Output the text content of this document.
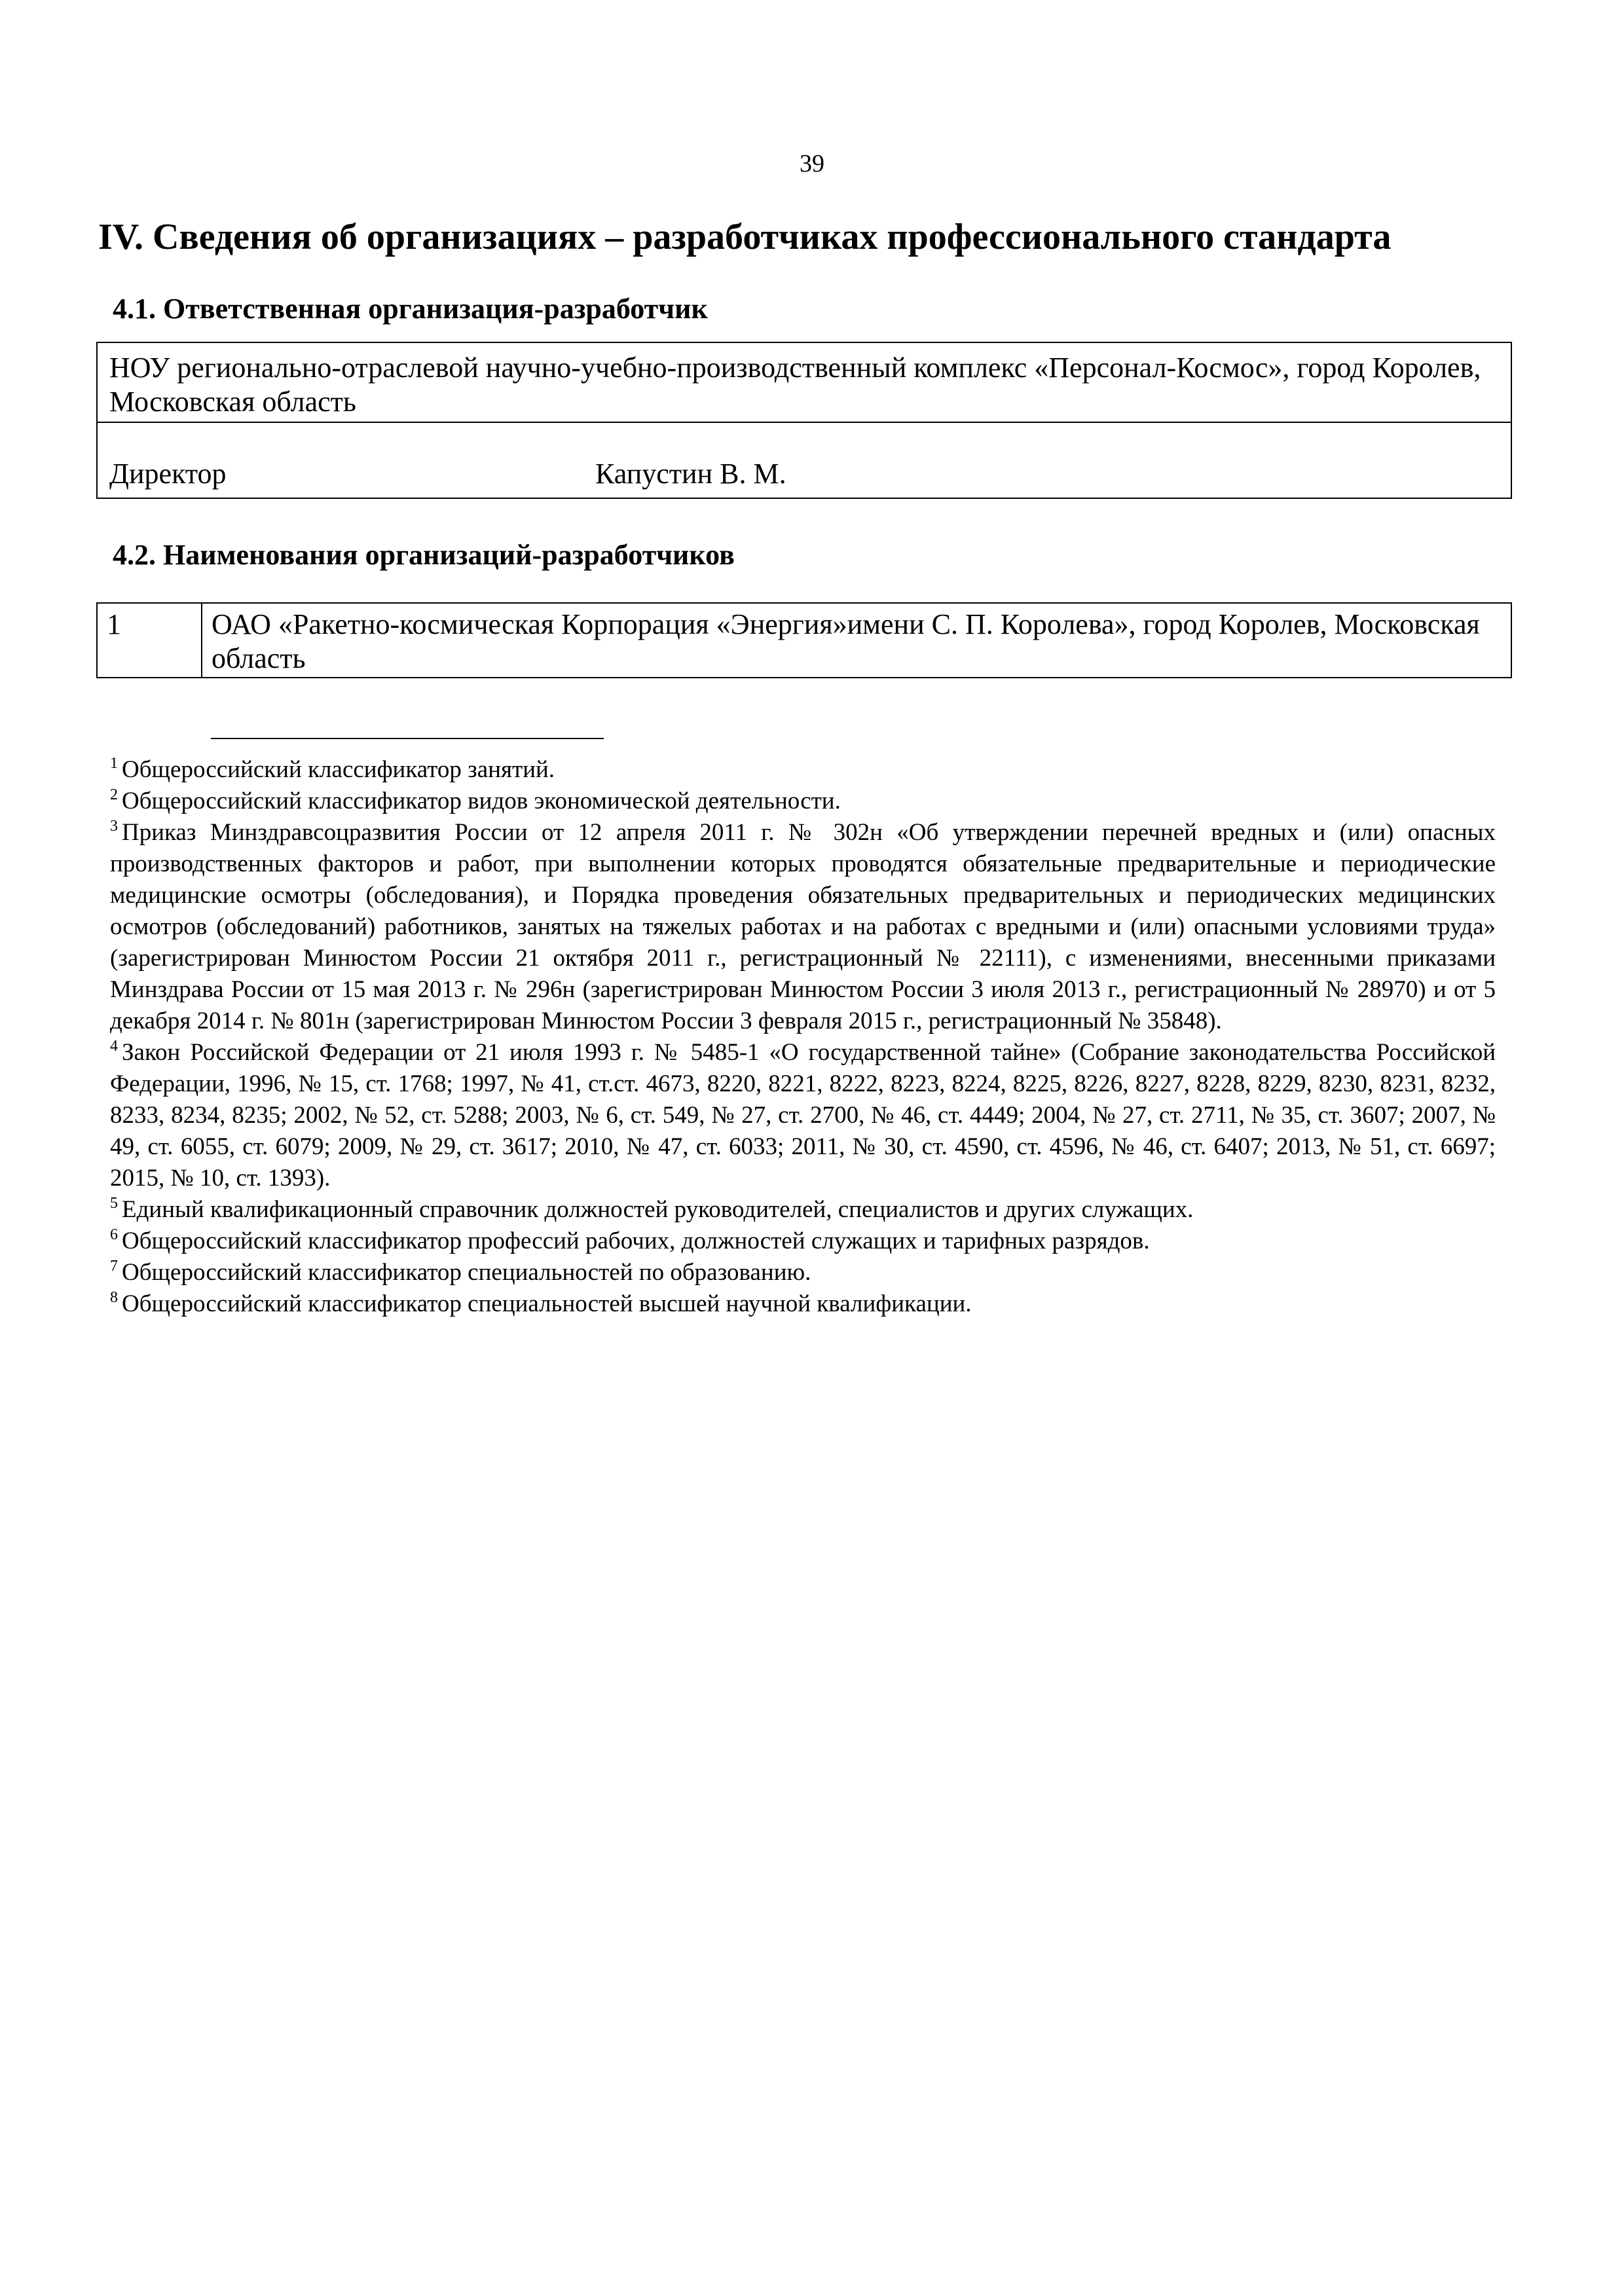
39
IV. Сведения об организациях – разработчиках профессионального стандарта
4.1. Ответственная организация-разработчик
НОУ регионально-отраслевой научно-учебно-производственный комплекс «Персонал-Космос», город Королев, Московская область
Директор	Капустин В. М.
4.2. Наименования организаций-разработчиков
1	ОАО «Ракетно-космическая Корпорация «Энергия»имени С. П. Королева», город Королев, Московская область

$^1$ Общероссийский классификатор занятий.

$^2$ Общероссийский классификатор видов экономической деятельности.

$^3$ Приказ Минздравсоцразвития России от 12 апреля 2011 г. № 302н «Об утверждении перечней вредных и (или) опасных производственных факторов и работ, при выполнении которых проводятся обязательные предварительные и периодические медицинские осмотры (обследования), и Порядка проведения обязательных предварительных и периодических медицинских осмотров (обследований) работников, занятых на тяжелых работах и на работах с вредными и (или) опасными условиями труда» (зарегистрирован Минюстом России 21 октября 2011 г., регистрационный № 22111), с изменениями, внесенными приказами Минздрава России от 15 мая 2013 г. № 296н (зарегистрирован Минюстом России 3 июля 2013 г., регистрационный № 28970) и от 5 декабря 2014 г. № 801н (зарегистрирован Минюстом России 3 февраля 2015 г., регистрационный № 35848).

$^4$ Закон Российской Федерации от 21 июля 1993 г. № 5485-1 «О государственной тайне» (Собрание законодательства Российской Федерации, 1996, № 15, ст. 1768; 1997, № 41, ст.ст. 4673, 8220, 8221, 8222, 8223, 8224, 8225, 8226, 8227, 8228, 8229, 8230, 8231, 8232, 8233, 8234, 8235; 2002, № 52, ст. 5288; 2003, № 6, ст. 549, № 27, ст. 2700, № 46, ст. 4449; 2004, № 27, ст. 2711, № 35, ст. 3607; 2007, № 49, ст. 6055, ст. 6079; 2009, № 29, ст. 3617; 2010, № 47, ст. 6033; 2011, № 30, ст. 4590, ст. 4596, № 46, ст. 6407; 2013, № 51, ст. 6697; 2015, № 10, ст. 1393).

$^5$ Единый квалификационный справочник должностей руководителей, специалистов и других служащих.

$^6$ Общероссийский классификатор профессий рабочих, должностей служащих и тарифных разрядов.

$^7$ Общероссийский классификатор специальностей по образованию.

$^8$ Общероссийский классификатор специальностей высшей научной квалификации.
